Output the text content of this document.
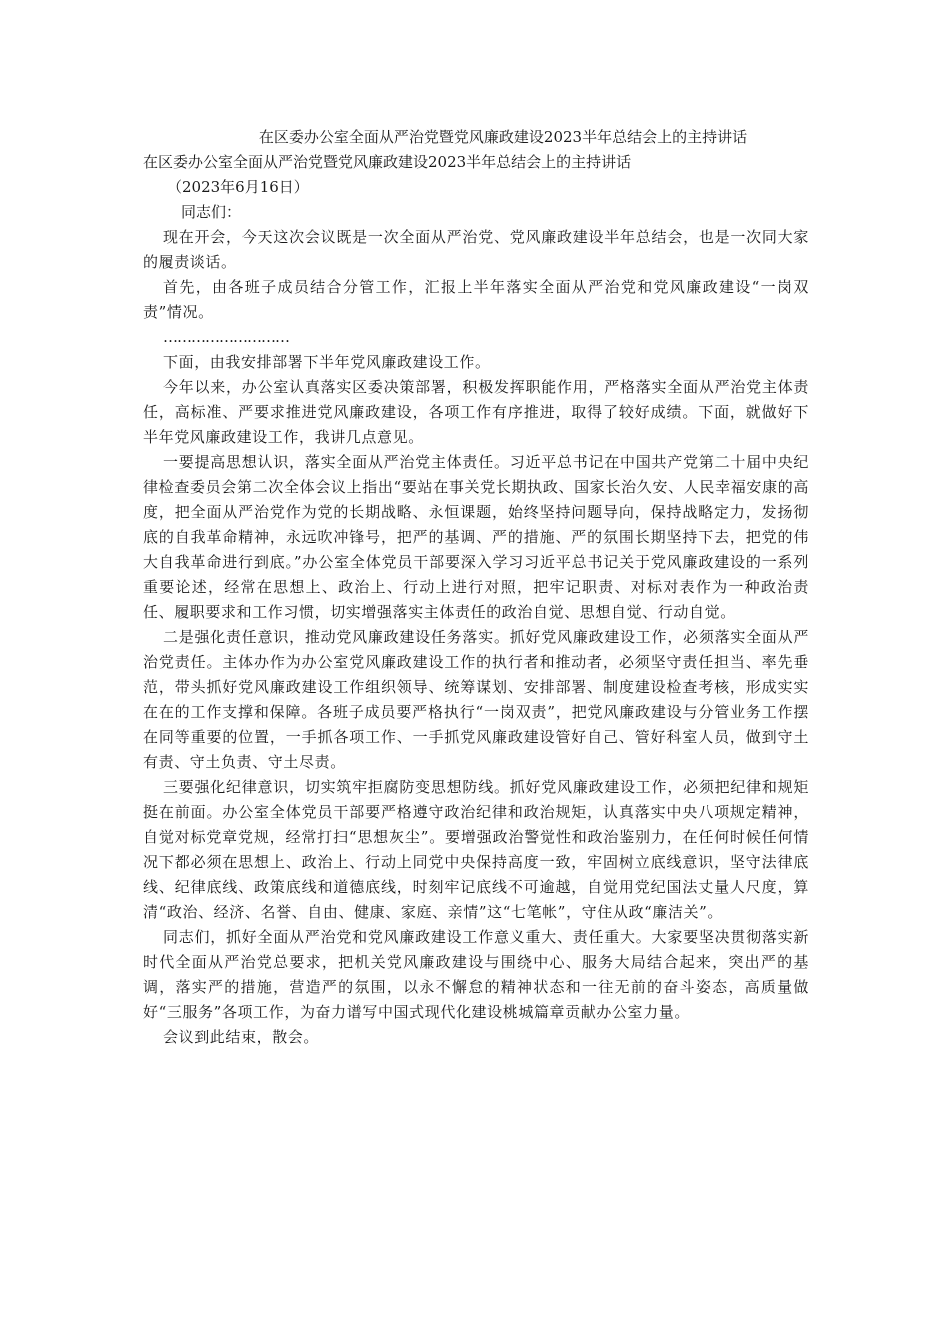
在区委办公室全面从严治党暨党风廉政建设2023半年总结会上的主持讲话

在区委办公室全面从严治党暨党风廉政建设2023半年总结会上的主持讲话

（2023年6月16日）

同志们：

现在开会，今天这次会议既是一次全面从严治党、党风廉政建设半年总结会，也是一次同大家的履责谈话。

首先，由各班子成员结合分管工作，汇报上半年落实全面从严治党和党风廉政建设“一岗双责”情况。

………………………

下面，由我安排部署下半年党风廉政建设工作。

今年以来，办公室认真落实区委决策部署，积极发挥职能作用，严格落实全面从严治党主体责任，高标准、严要求推进党风廉政建设，各项工作有序推进，取得了较好成绩。下面，就做好下半年党风廉政建设工作，我讲几点意见。

一要提高思想认识，落实全面从严治党主体责任。习近平总书记在中国共产党第二十届中央纪律检查委员会第二次全体会议上指出“要站在事关党长期执政、国家长治久安、人民幸福安康的高度，把全面从严治党作为党的长期战略、永恒课题，始终坚持问题导向，保持战略定力，发扬彻底的自我革命精神，永远吹冲锋号，把严的基调、严的措施、严的氛围长期坚持下去，把党的伟大自我革命进行到底。”办公室全体党员干部要深入学习习近平总书记关于党风廉政建设的一系列重要论述，经常在思想上、政治上、行动上进行对照，把牢记职责、对标对表作为一种政治责任、履职要求和工作习惯，切实增强落实主体责任的政治自觉、思想自觉、行动自觉。

二是强化责任意识，推动党风廉政建设任务落实。抓好党风廉政建设工作，必须落实全面从严治党责任。主体办作为办公室党风廉政建设工作的执行者和推动者，必须坚守责任担当、率先垂范，带头抓好党风廉政建设工作组织领导、统筹谋划、安排部署、制度建设检查考核，形成实实在在的工作支撑和保障。各班子成员要严格执行“一岗双责”，把党风廉政建设与分管业务工作摆在同等重要的位置，一手抓各项工作、一手抓党风廉政建设管好自己、管好科室人员，做到守土有责、守土负责、守土尽责。

三要强化纪律意识，切实筑牢拒腐防变思想防线。抓好党风廉政建设工作，必须把纪律和规矩挺在前面。办公室全体党员干部要严格遵守政治纪律和政治规矩，认真落实中央八项规定精神，自觉对标党章党规，经常打扫“思想灰尘”。要增强政治警觉性和政治鉴别力，在任何时候任何情况下都必须在思想上、政治上、行动上同党中央保持高度一致，牢固树立底线意识，坚守法律底线、纪律底线、政策底线和道德底线，时刻牢记底线不可逾越，自觉用党纪国法丈量人尺度，算清“政治、经济、名誉、自由、健康、家庭、亲情”这“七笔帐”，守住从政“廉洁关”。

同志们，抓好全面从严治党和党风廉政建设工作意义重大、责任重大。大家要坚决贯彻落实新时代全面从严治党总要求，把机关党风廉政建设与围绕中心、服务大局结合起来，突出严的基调，落实严的措施，营造严的氛围，以永不懈怠的精神状态和一往无前的奋斗姿态，高质量做好“三服务”各项工作，为奋力谱写中国式现代化建设桃城篇章贡献办公室力量。

会议到此结束，散会。
